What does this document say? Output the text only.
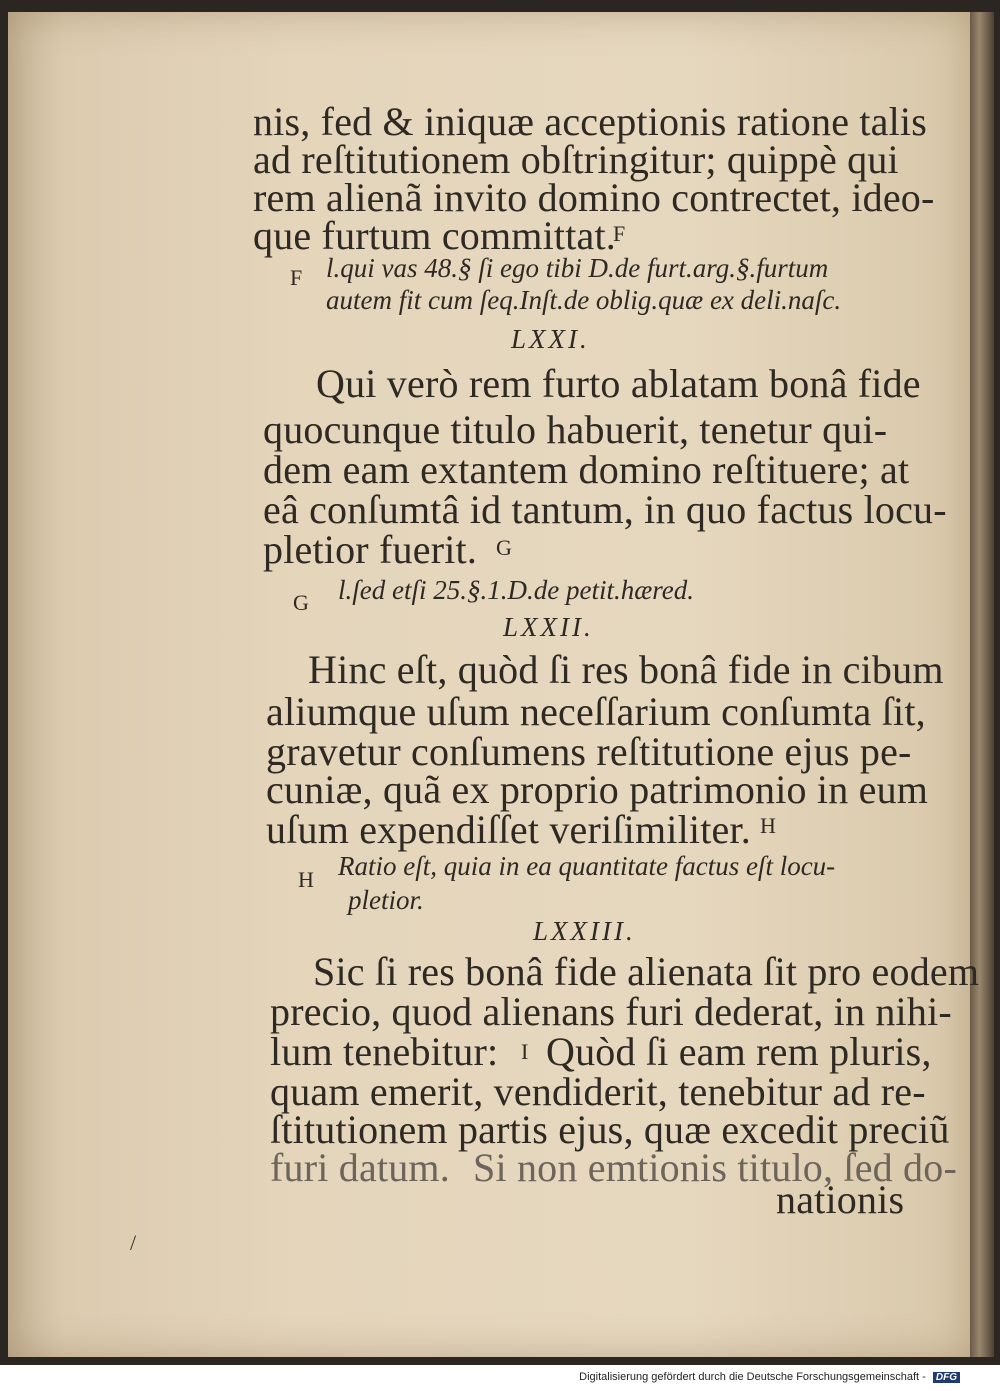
nis, fed & iniquæ acceptionis ratione talis
ad reſtitutionem obſtringitur; quippè qui
rem alienã invito domino contrectet, ideo-
que furtum committat.
F
F l.qui vas 48.§ ſi ego tibi D.de furt.arg.§.furtum
autem fit cum ſeq.Inſt.de oblig.quæ ex deli.naſc.
LXXI.
Qui verò rem furto ablatam bonâ fide
quocunque titulo habuerit, tenetur qui-
dem eam extantem domino reſtituere; at
eâ conſumtâ id tantum, in quo factus locu-
pletior fuerit. G
G l.ſed etſi 25.§.1.D.de petit.hæred.
LXXII.
Hinc eſt, quòd ſi res bonâ fide in cibum
aliumque uſum neceſſarium conſumta ſit,
gravetur conſumens reſtitutione ejus pe-
cuniæ, quã ex proprio patrimonio in eum
uſum expendiſſet veriſimiliter. H
H Ratio eſt, quia in ea quantitate factus eſt locu-
pletior.
LXXIII.
Sic ſi res bonâ fide alienata ſit pro eodem
precio, quod alienans furi dederat, in nihi-
lum tenebitur: I Quòd ſi eam rem pluris,
quam emerit, vendiderit, tenebitur ad re-
ſtitutionem partis ejus, quæ excedit preciũ
furi datum. Si non emtionis titulo, ſed do-
nationis
/
Digitalisierung gefördert durch die Deutsche Forschungsgemeinschaft - DFG
